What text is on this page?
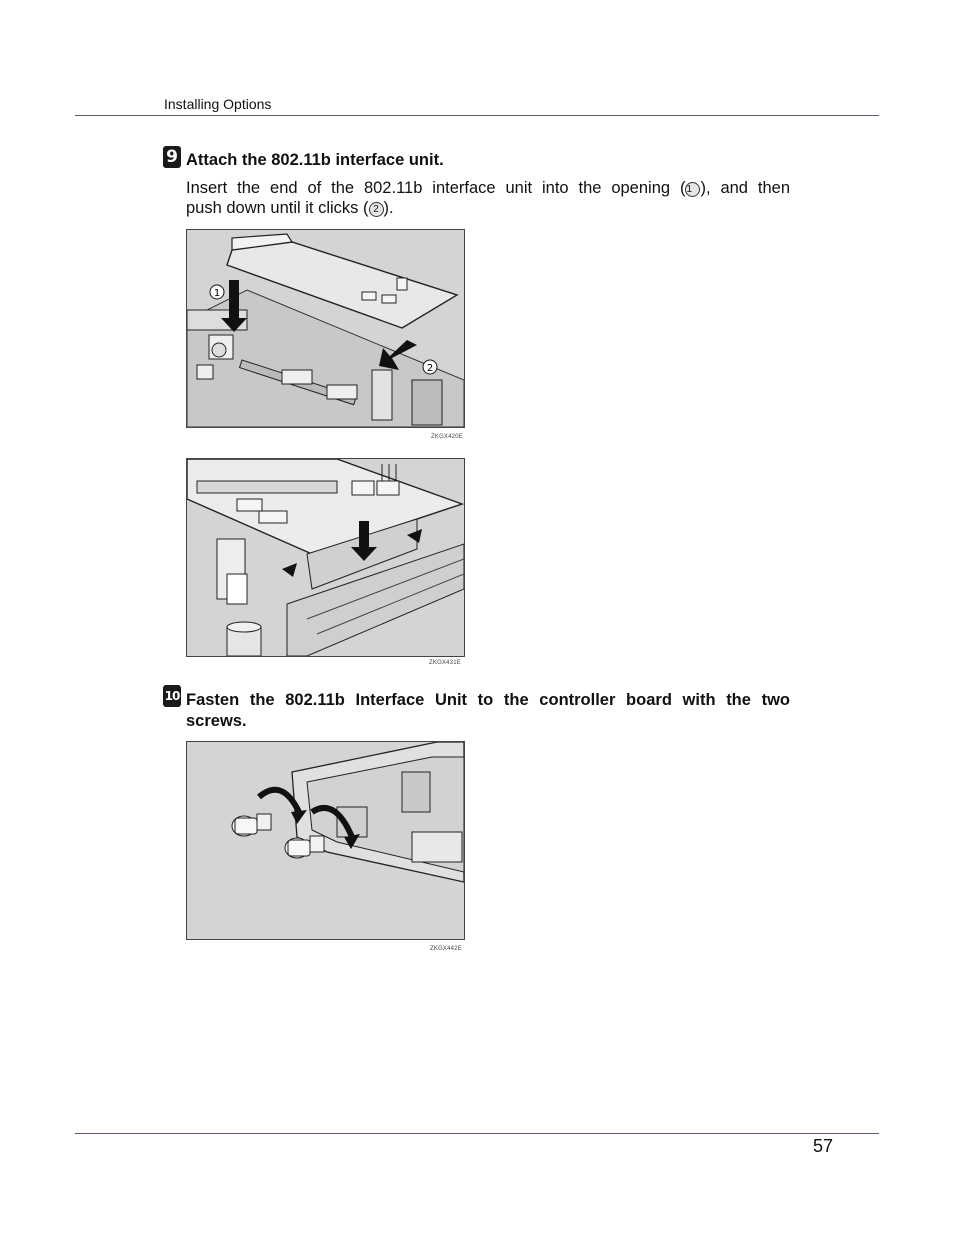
Installing Options
9 Attach the 802.11b interface unit.
Insert the end of the 802.11b interface unit into the opening (1 ), and then
push down until it clicks ( 2 ).
1
2
ZKGX420E
ZKGX431E
10 Fasten the 802.11b Interface Unit to the controller board with the two
screws.
ZKGX442E
57
